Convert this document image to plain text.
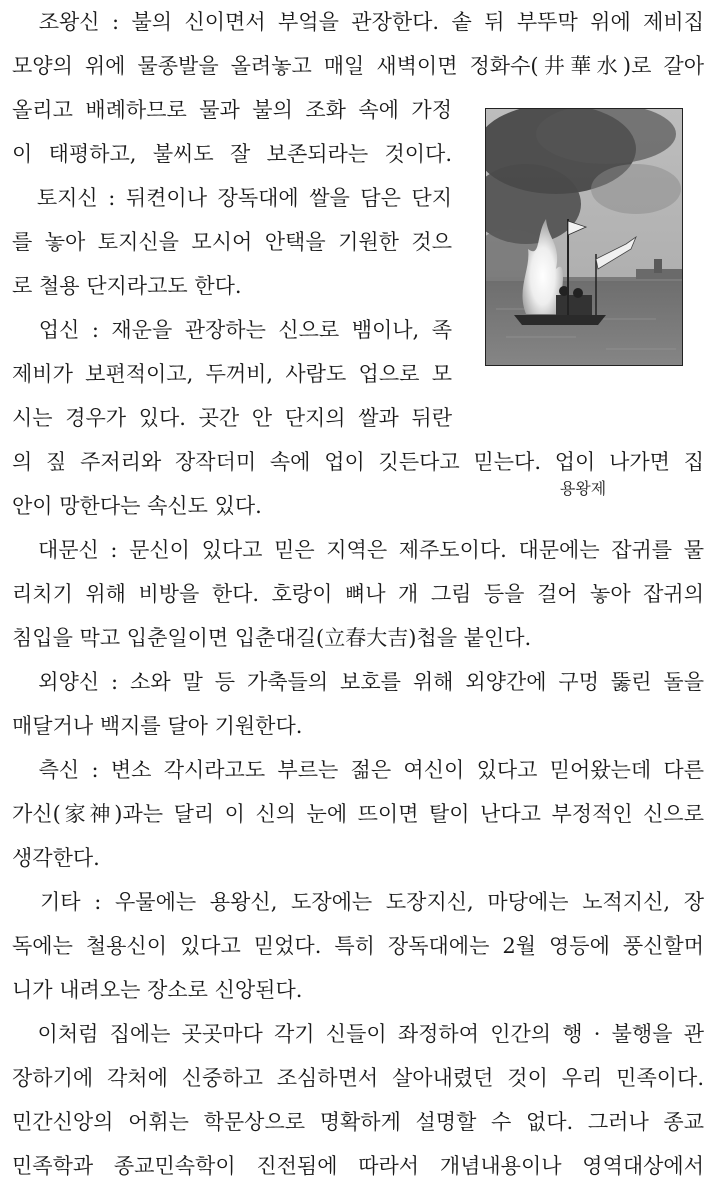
　조왕신 : 불의 신이면서 부엌을 관장한다. 솥 뒤 부뚜막 위에 제비집
모양의 위에 물종발을 올려놓고 매일 새벽이면 정화수(井華水)로 갈아
올리고 배례하므로 물과 불의 조화 속에 가정
이 태평하고, 불씨도 잘 보존되라는 것이다.
　토지신 : 뒤켠이나 장독대에 쌀을 담은 단지
를 놓아 토지신을 모시어 안택을 기원한 것으
로 철용 단지라고도 한다.
　업신 : 재운을 관장하는 신으로 뱀이나, 족
제비가 보편적이고, 두꺼비, 사람도 업으로 모
시는 경우가 있다. 곳간 안 단지의 쌀과 뒤란
의 짚 주저리와 장작더미 속에 업이 깃든다고 믿는다. 업이 나가면 집
안이 망한다는 속신도 있다.
　대문신 : 문신이 있다고 믿은 지역은 제주도이다. 대문에는 잡귀를 물
리치기 위해 비방을 한다. 호랑이 뼈나 개 그림 등을 걸어 놓아 잡귀의
침입을 막고 입춘일이면 입춘대길(立春大吉)첩을 붙인다.
　외양신 : 소와 말 등 가축들의 보호를 위해 외양간에 구멍 뚫린 돌을
매달거나 백지를 달아 기원한다.
　측신 : 변소 각시라고도 부르는 젊은 여신이 있다고 믿어왔는데 다른
가신(家神)과는 달리 이 신의 눈에 뜨이면 탈이 난다고 부정적인 신으로
생각한다.
　기타 : 우물에는 용왕신, 도장에는 도장지신, 마당에는 노적지신, 장
독에는 철용신이 있다고 믿었다. 특히 장독대에는 2월 영등에 풍신할머
니가 내려오는 장소로 신앙된다.
　이처럼 집에는 곳곳마다 각기 신들이 좌정하여 인간의 행 · 불행을 관
장하기에 각처에 신중하고 조심하면서 살아내렸던 것이 우리 민족이다.
민간신앙의 어휘는 학문상으로 명확하게 설명할 수 없다. 그러나 종교
민족학과 종교민속학이 진전됨에 따라서 개념내용이나 영역대상에서
용왕제
